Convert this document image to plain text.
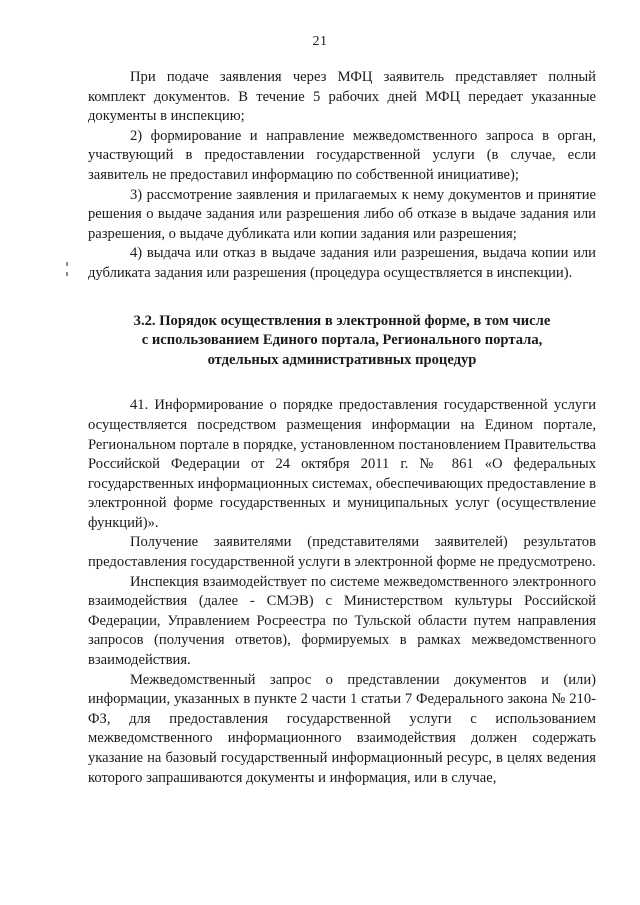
21

При подаче заявления через МФЦ заявитель представляет полный комплект документов. В течение 5 рабочих дней МФЦ передает указанные документы в инспекцию;

2) формирование и направление межведомственного запроса в орган, участвующий в предоставлении государственной услуги (в случае, если заявитель не предоставил информацию по собственной инициативе);

3) рассмотрение заявления и прилагаемых к нему документов и принятие решения о выдаче задания или разрешения либо об отказе в выдаче задания или разрешения, о выдаче дубликата или копии задания или разрешения;

4) выдача или отказ в выдаче задания или разрешения, выдача копии или дубликата задания или разрешения (процедура осуществляется в инспекции).

3.2. Порядок осуществления в электронной форме, в том числе
с использованием Единого портала, Регионального портала,
отдельных административных процедур

41. Информирование о порядке предоставления государственной услуги осуществляется посредством размещения информации на Едином портале, Региональном портале в порядке, установленном постановлением Правительства Российской Федерации от 24 октября 2011 г. № 861 «О федеральных государственных информационных системах, обеспечивающих предоставление в электронной форме государственных и муниципальных услуг (осуществление функций)».

Получение заявителями (представителями заявителей) результатов предоставления государственной услуги в электронной форме не предусмотрено.

Инспекция взаимодействует по системе межведомственного электронного взаимодействия (далее - СМЭВ) с Министерством культуры Российской Федерации, Управлением Росреестра по Тульской области путем направления запросов (получения ответов), формируемых в рамках межведомственного взаимодействия.

Межведомственный запрос о представлении документов и (или) информации, указанных в пункте 2 части 1 статьи 7 Федерального закона № 210-ФЗ, для предоставления государственной услуги с использованием межведомственного информационного взаимодействия должен содержать указание на базовый государственный информационный ресурс, в целях ведения которого запрашиваются документы и информация, или в случае,
